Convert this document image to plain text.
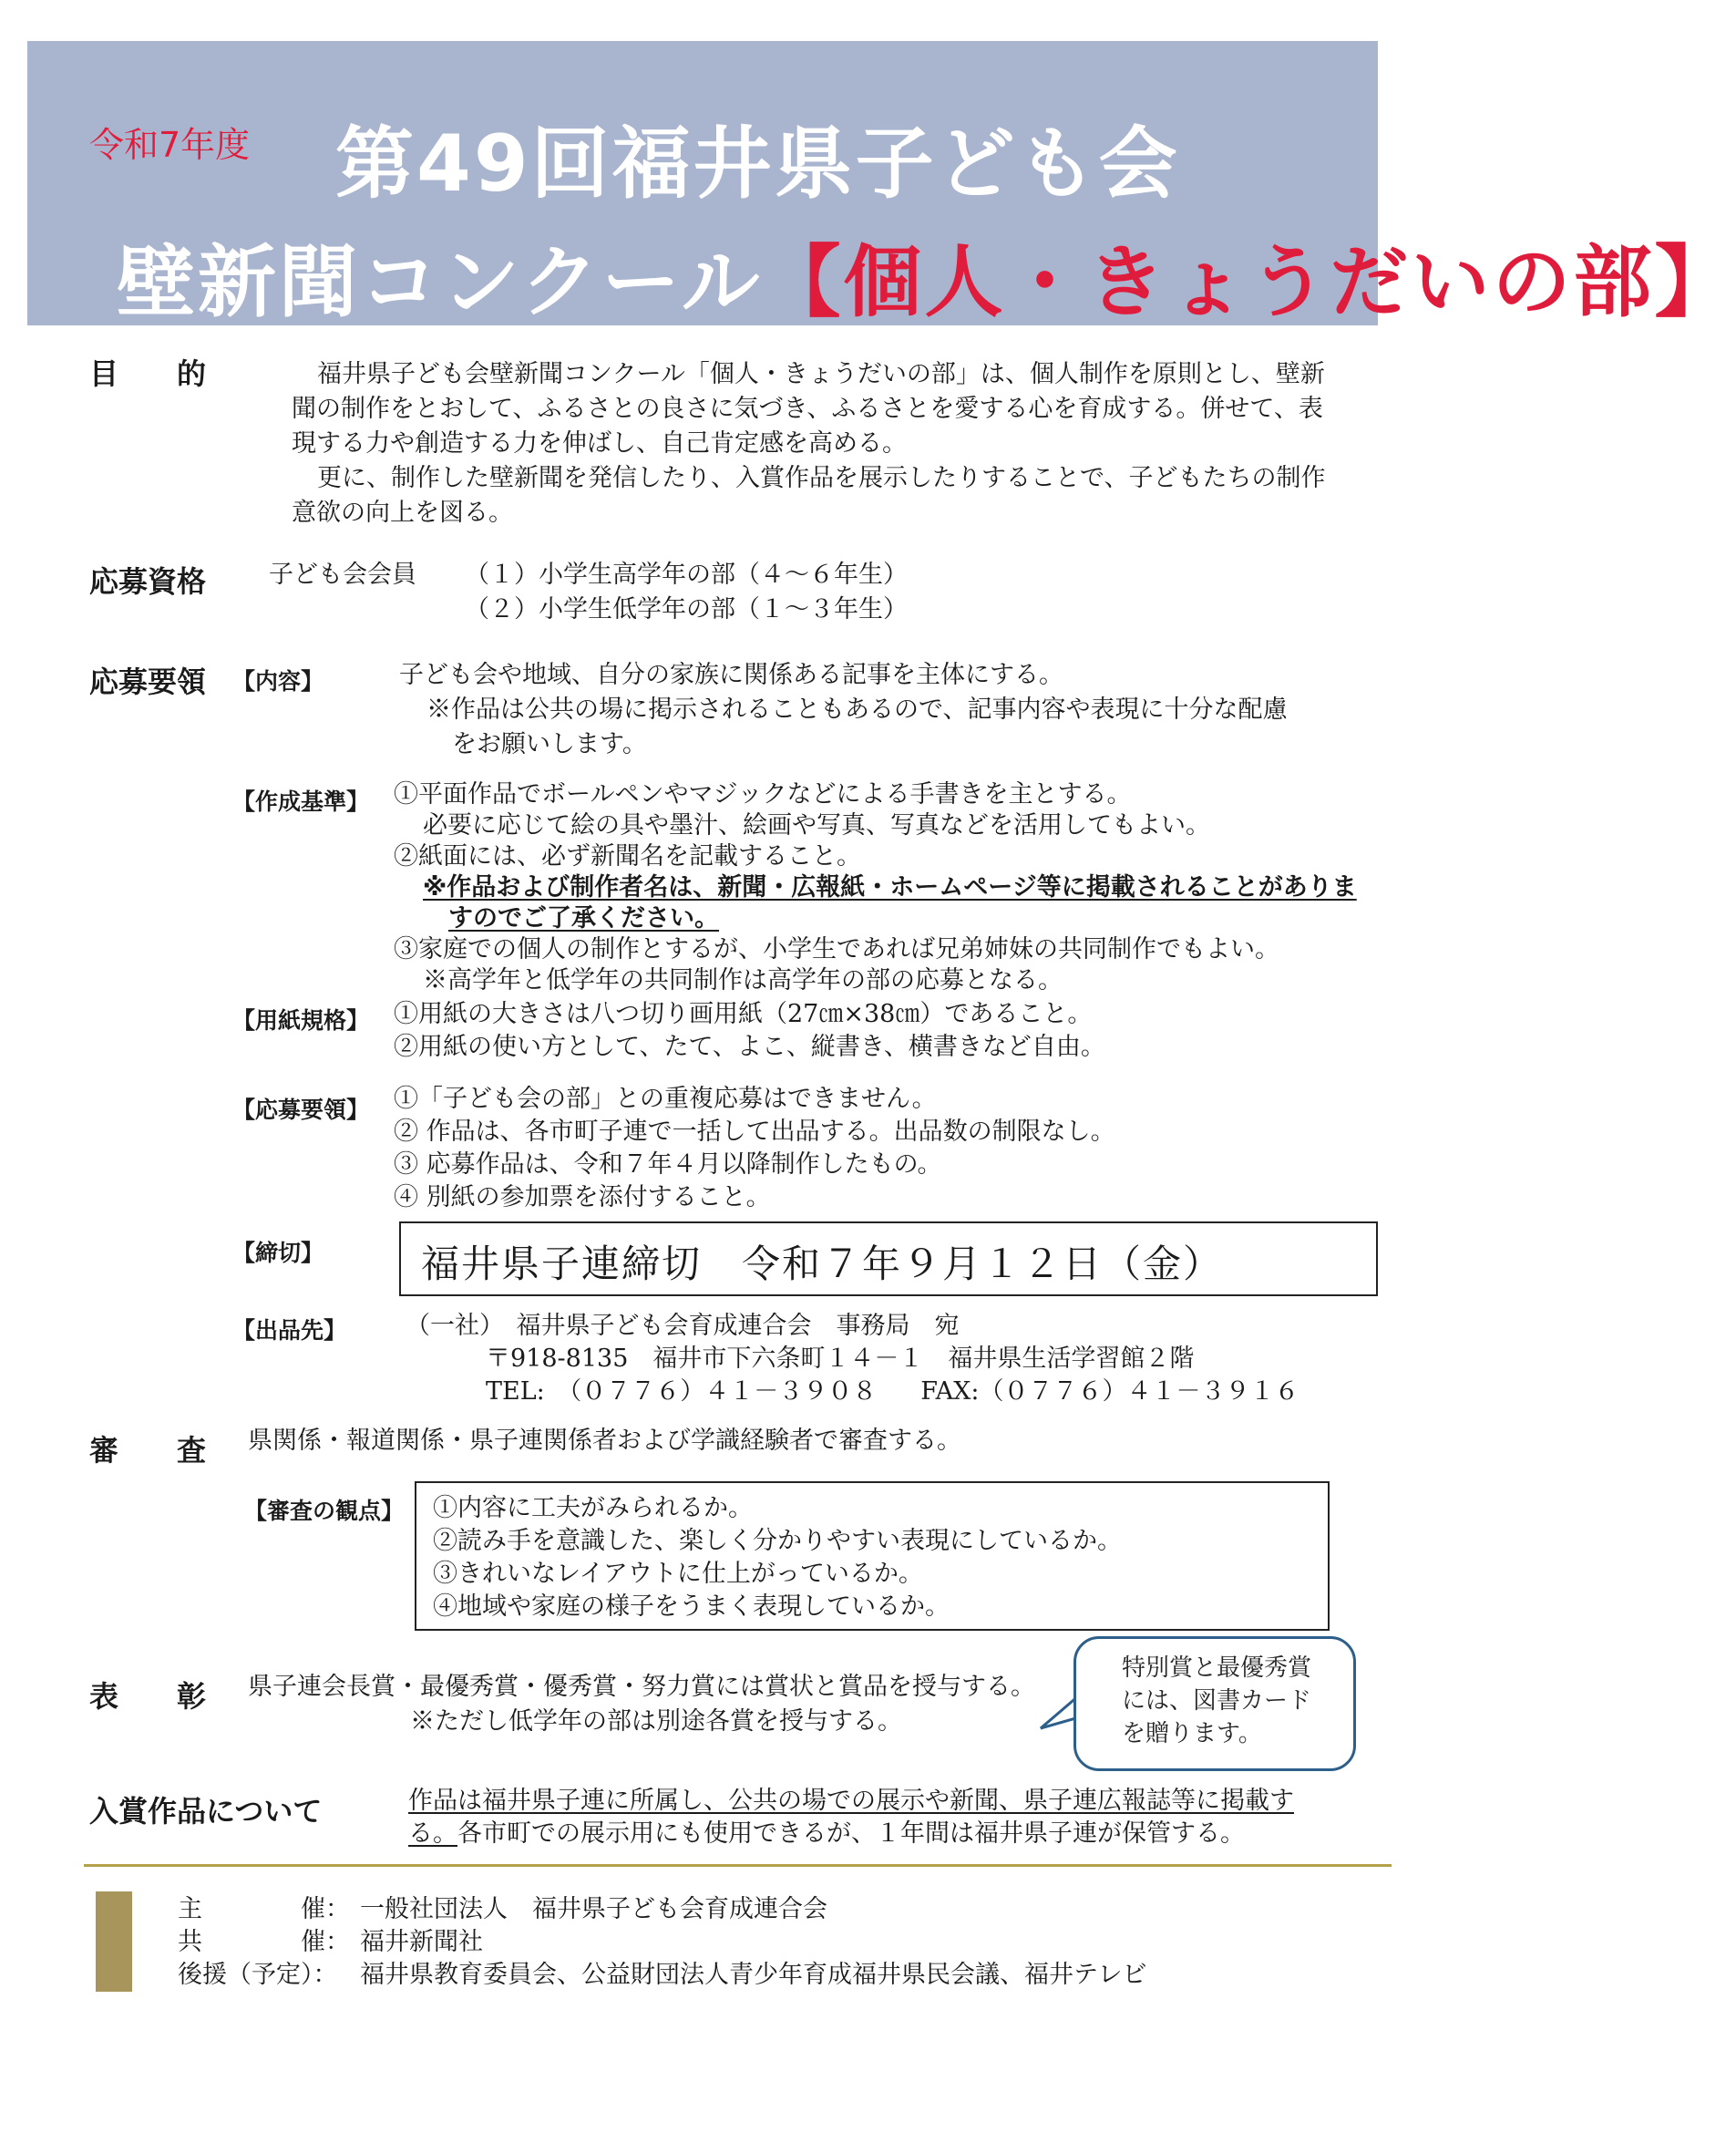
令和7年度 第49回福井県子ども会
壁新聞コンクール【個人・きょうだいの部】
目　　的	福井県子ども会壁新聞コンクール「個人・きょうだいの部」は、個人制作を原則とし、壁新
聞の制作をとおして、ふるさとの良さに気づき、ふるさとを愛する心を育成する。併せて、表
現する力や創造する力を伸ばし、自己肯定感を高める。
更に、制作した壁新聞を発信したり、入賞作品を展示したりすることで、子どもたちの制作
意欲の向上を図る。
応募資格	子ども会会員 （１）小学生高学年の部（４～６年生）
（２）小学生低学年の部（１～３年生）
応募要領 【内容】	子ども会や地域、自分の家族に関係ある記事を主体にする。
※作品は公共の場に掲示されることもあるので、記事内容や表現に十分な配慮
をお願いします。
【作成基準】 ①平面作品でボールペンやマジックなどによる手書きを主とする。
必要に応じて絵の具や墨汁、絵画や写真、写真などを活用してもよい。
②紙面には、必ず新聞名を記載すること。
※作品および制作者名は、新聞・広報紙・ホームページ等に掲載されることがありま
すのでご了承ください。
③家庭での個人の制作とするが、小学生であれば兄弟姉妹の共同制作でもよい。
※高学年と低学年の共同制作は高学年の部の応募となる。
【用紙規格】 ①用紙の大きさは八つ切り画用紙（27㎝×38㎝）であること。
②用紙の使い方として、たて、よこ、縦書き、横書きなど自由。
【応募要領】 ①「子ども会の部」との重複応募はできません。
② 作品は、各市町子連で一括して出品する。出品数の制限なし。
③ 応募作品は、令和７年４月以降制作したもの。
④ 別紙の参加票を添付すること。
【締切】	福井県子連締切　令和７年９月１２日（金）
【出品先】 （一社）　福井県子ども会育成連合会　事務局　宛
〒918-8135　福井市下六条町１４－１　福井県生活学習館２階
TEL:　（０７７６）４１－３９０８ FAX:（０７７６）４１－３９１６
審　　査 県関係・報道関係・県子連関係者および学識経験者で審査する。
【審査の観点】 ①内容に工夫がみられるか。
②読み手を意識した、楽しく分かりやすい表現にしているか。
③きれいなレイアウトに仕上がっているか。
④地域や家庭の様子をうまく表現しているか。
表　　彰 県子連会長賞・最優秀賞・優秀賞・努力賞には賞状と賞品を授与する。
※ただし低学年の部は別途各賞を授与する。
特別賞と最優秀賞
には、図書カード
を贈ります。
入賞作品について	作品は福井県子連に所属し、公共の場での展示や新聞、県子連広報誌等に掲載す
る。各市町での展示用にも使用できるが、１年間は福井県子連が保管する。
主　　　　催： 一般社団法人　福井県子ども会育成連合会
共　　　　催： 福井新聞社
後援（予定）： 福井県教育委員会、公益財団法人青少年育成福井県民会議、福井テレビ
